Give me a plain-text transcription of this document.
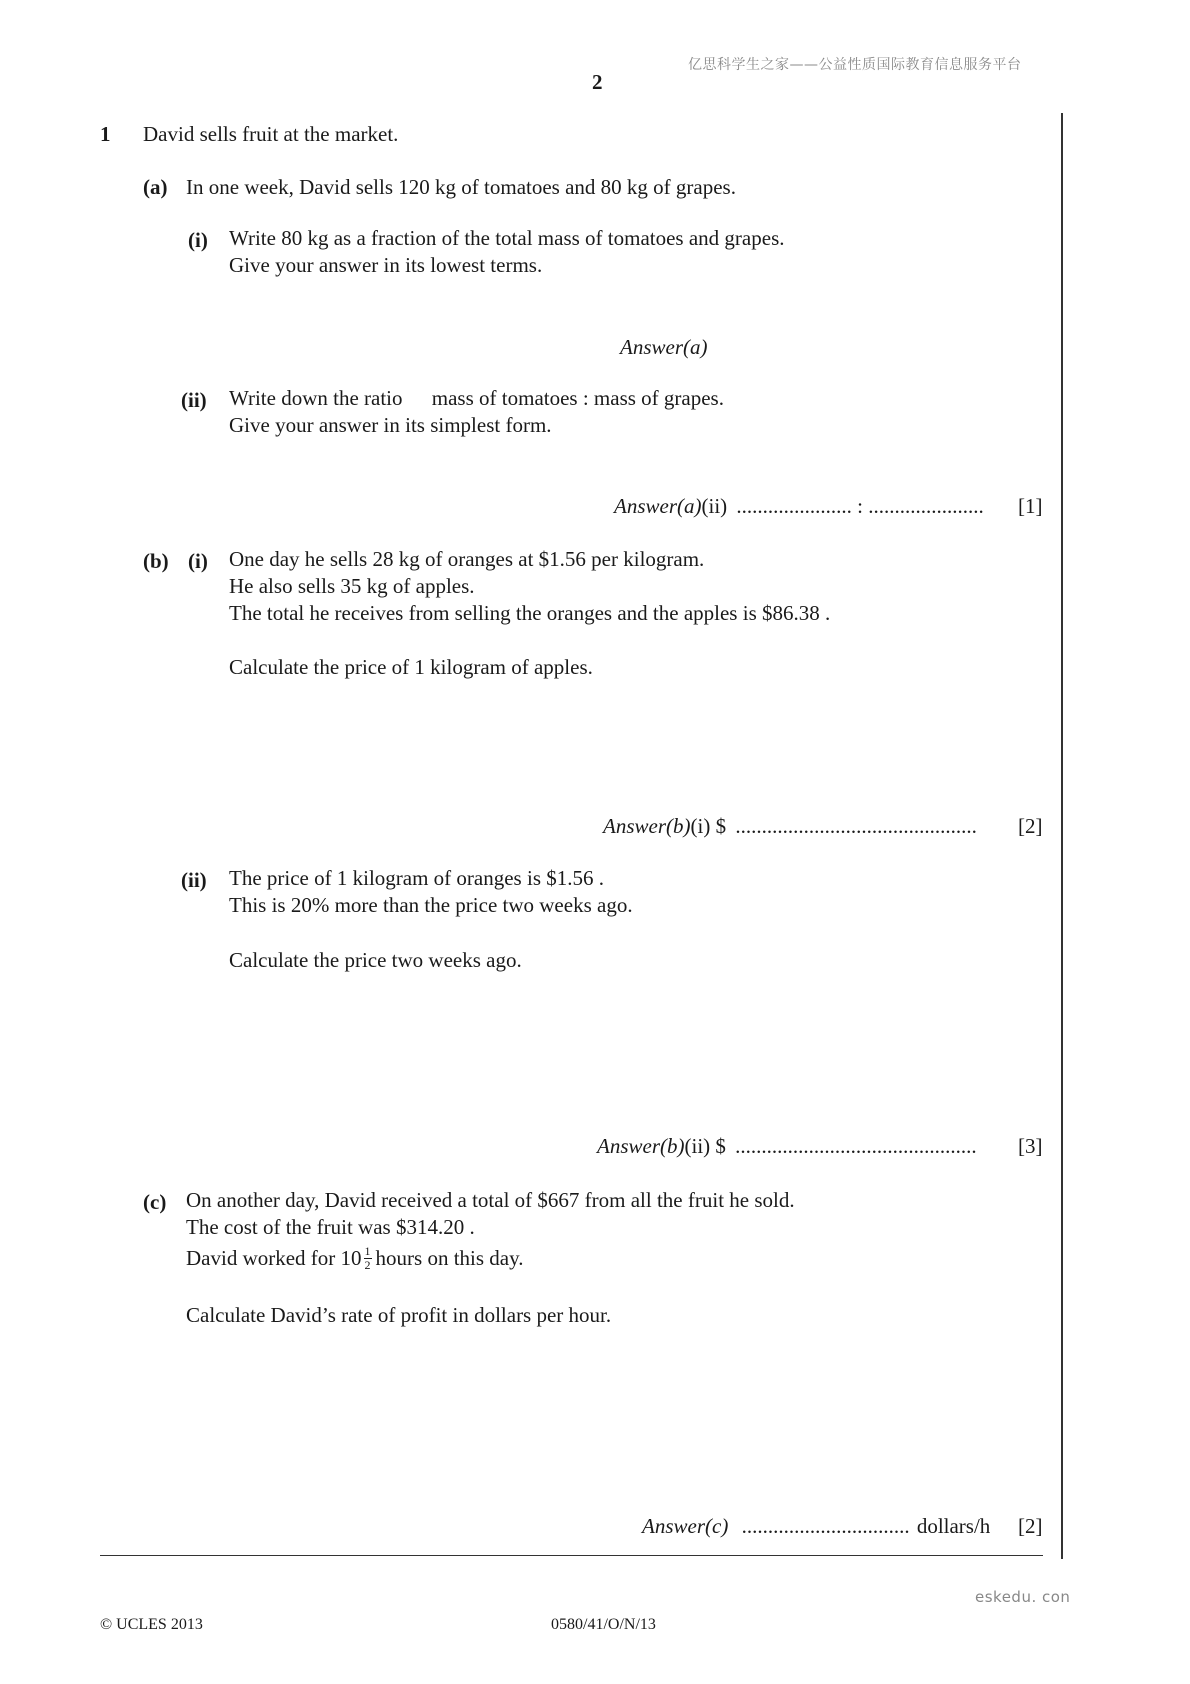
亿思科学生之家——公益性质国际教育信息服务平台
2
1 David sells fruit at the market.
(a) In one week, David sells 120 kg of tomatoes and 80 kg of grapes.
(i) Write 80 kg as a fraction of the total mass of tomatoes and grapes.
Give your answer in its lowest terms.
Answer(a)
(ii) Write down the ratio mass of tomatoes : mass of grapes.
Give your answer in its simplest form.
Answer(a)(ii) ...................... : ...................... [1]
(b) (i) One day he sells 28 kg of oranges at $1.56 per kilogram.
He also sells 35 kg of apples.
The total he receives from selling the oranges and the apples is $86.38 .
Calculate the price of 1 kilogram of apples.
Answer(b)(i) $ .............................................. [2]
(ii) The price of 1 kilogram of oranges is $1.56 .
This is 20% more than the price two weeks ago.
Calculate the price two weeks ago.
Answer(b)(ii) $ .............................................. [3]
(c) On another day, David received a total of $667 from all the fruit he sold.
The cost of the fruit was $314.20 .
David worked for $10 \frac{1}{2}$ hours on this day.
Calculate David’s rate of profit in dollars per hour.
Answer(c) ................................ dollars/h [2]
eskedu. con
© UCLES 2013	0580/41/O/N/13
